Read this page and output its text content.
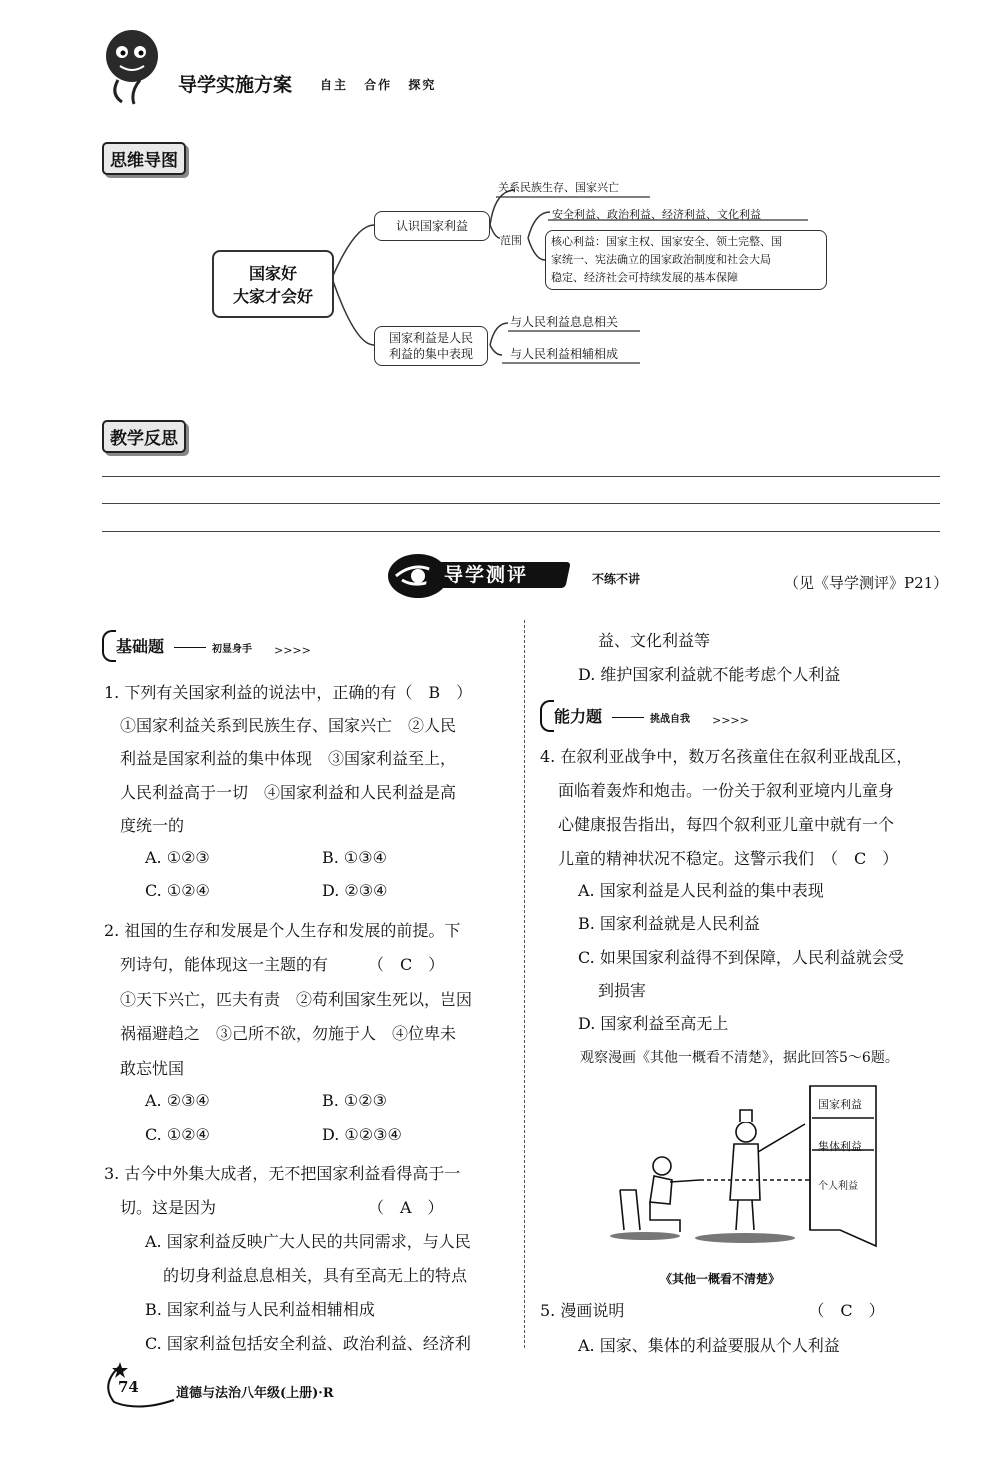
导学实施方案 自主 合作 探究
思维导图
国家好
大家才会好
认识国家利益
关系民族生存、国家兴亡
范围
安全利益、政治利益、经济利益、文化利益
核心利益：国家主权、国家安全、领土完整、国
家统一、宪法确立的国家政治制度和社会大局
稳定、经济社会可持续发展的基本保障
国家利益是人民
利益的集中表现
与人民利益息息相关
与人民利益相辅相成
教学反思
导学测评	不练不讲	（见《导学测评》P21）
基础题	初显身手 >>>>
1. 下列有关国家利益的说法中，正确的有（　B　）
①国家利益关系到民族生存、国家兴亡　②人民
利益是国家利益的集中体现　③国家利益至上，
人民利益高于一切　④国家利益和人民利益是高
度统一的
A. ①②③	B. ①③④
C. ①②④	D. ②③④
2. 祖国的生存和发展是个人生存和发展的前提。下
列诗句，能体现这一主题的有　　　（　C　）
①天下兴亡，匹夫有责　②苟利国家生死以，岂因
祸福避趋之　③己所不欲，勿施于人　④位卑未
敢忘忧国
A. ②③④	B. ①②③
C. ①②④	D. ①②③④
3. 古今中外集大成者，无不把国家利益看得高于一
切。这是因为　　　　　　　　　　（　A　）
A. 国家利益反映广大人民的共同需求，与人民
的切身利益息息相关，具有至高无上的特点
B. 国家利益与人民利益相辅相成
C. 国家利益包括安全利益、政治利益、经济利
益、文化利益等
D. 维护国家利益就不能考虑个人利益
能力题	挑战自我 >>>>
4. 在叙利亚战争中，数万名孩童住在叙利亚战乱区，
面临着轰炸和炮击。一份关于叙利亚境内儿童身
心健康报告指出，每四个叙利亚儿童中就有一个
儿童的精神状况不稳定。这警示我们　（　C　）
A. 国家利益是人民利益的集中表现
B. 国家利益就是人民利益
C. 如果国家利益得不到保障，人民利益就会受
到损害
D. 国家利益至高无上
观察漫画《其他一概看不清楚》，据此回答5～6题。
国家利益
集体利益
个人利益
《其他一概看不清楚》
5. 漫画说明　　　　　　　　　　　　（　C　）
A. 国家、集体的利益要服从个人利益
74	道德与法治八年级(上册)·R
